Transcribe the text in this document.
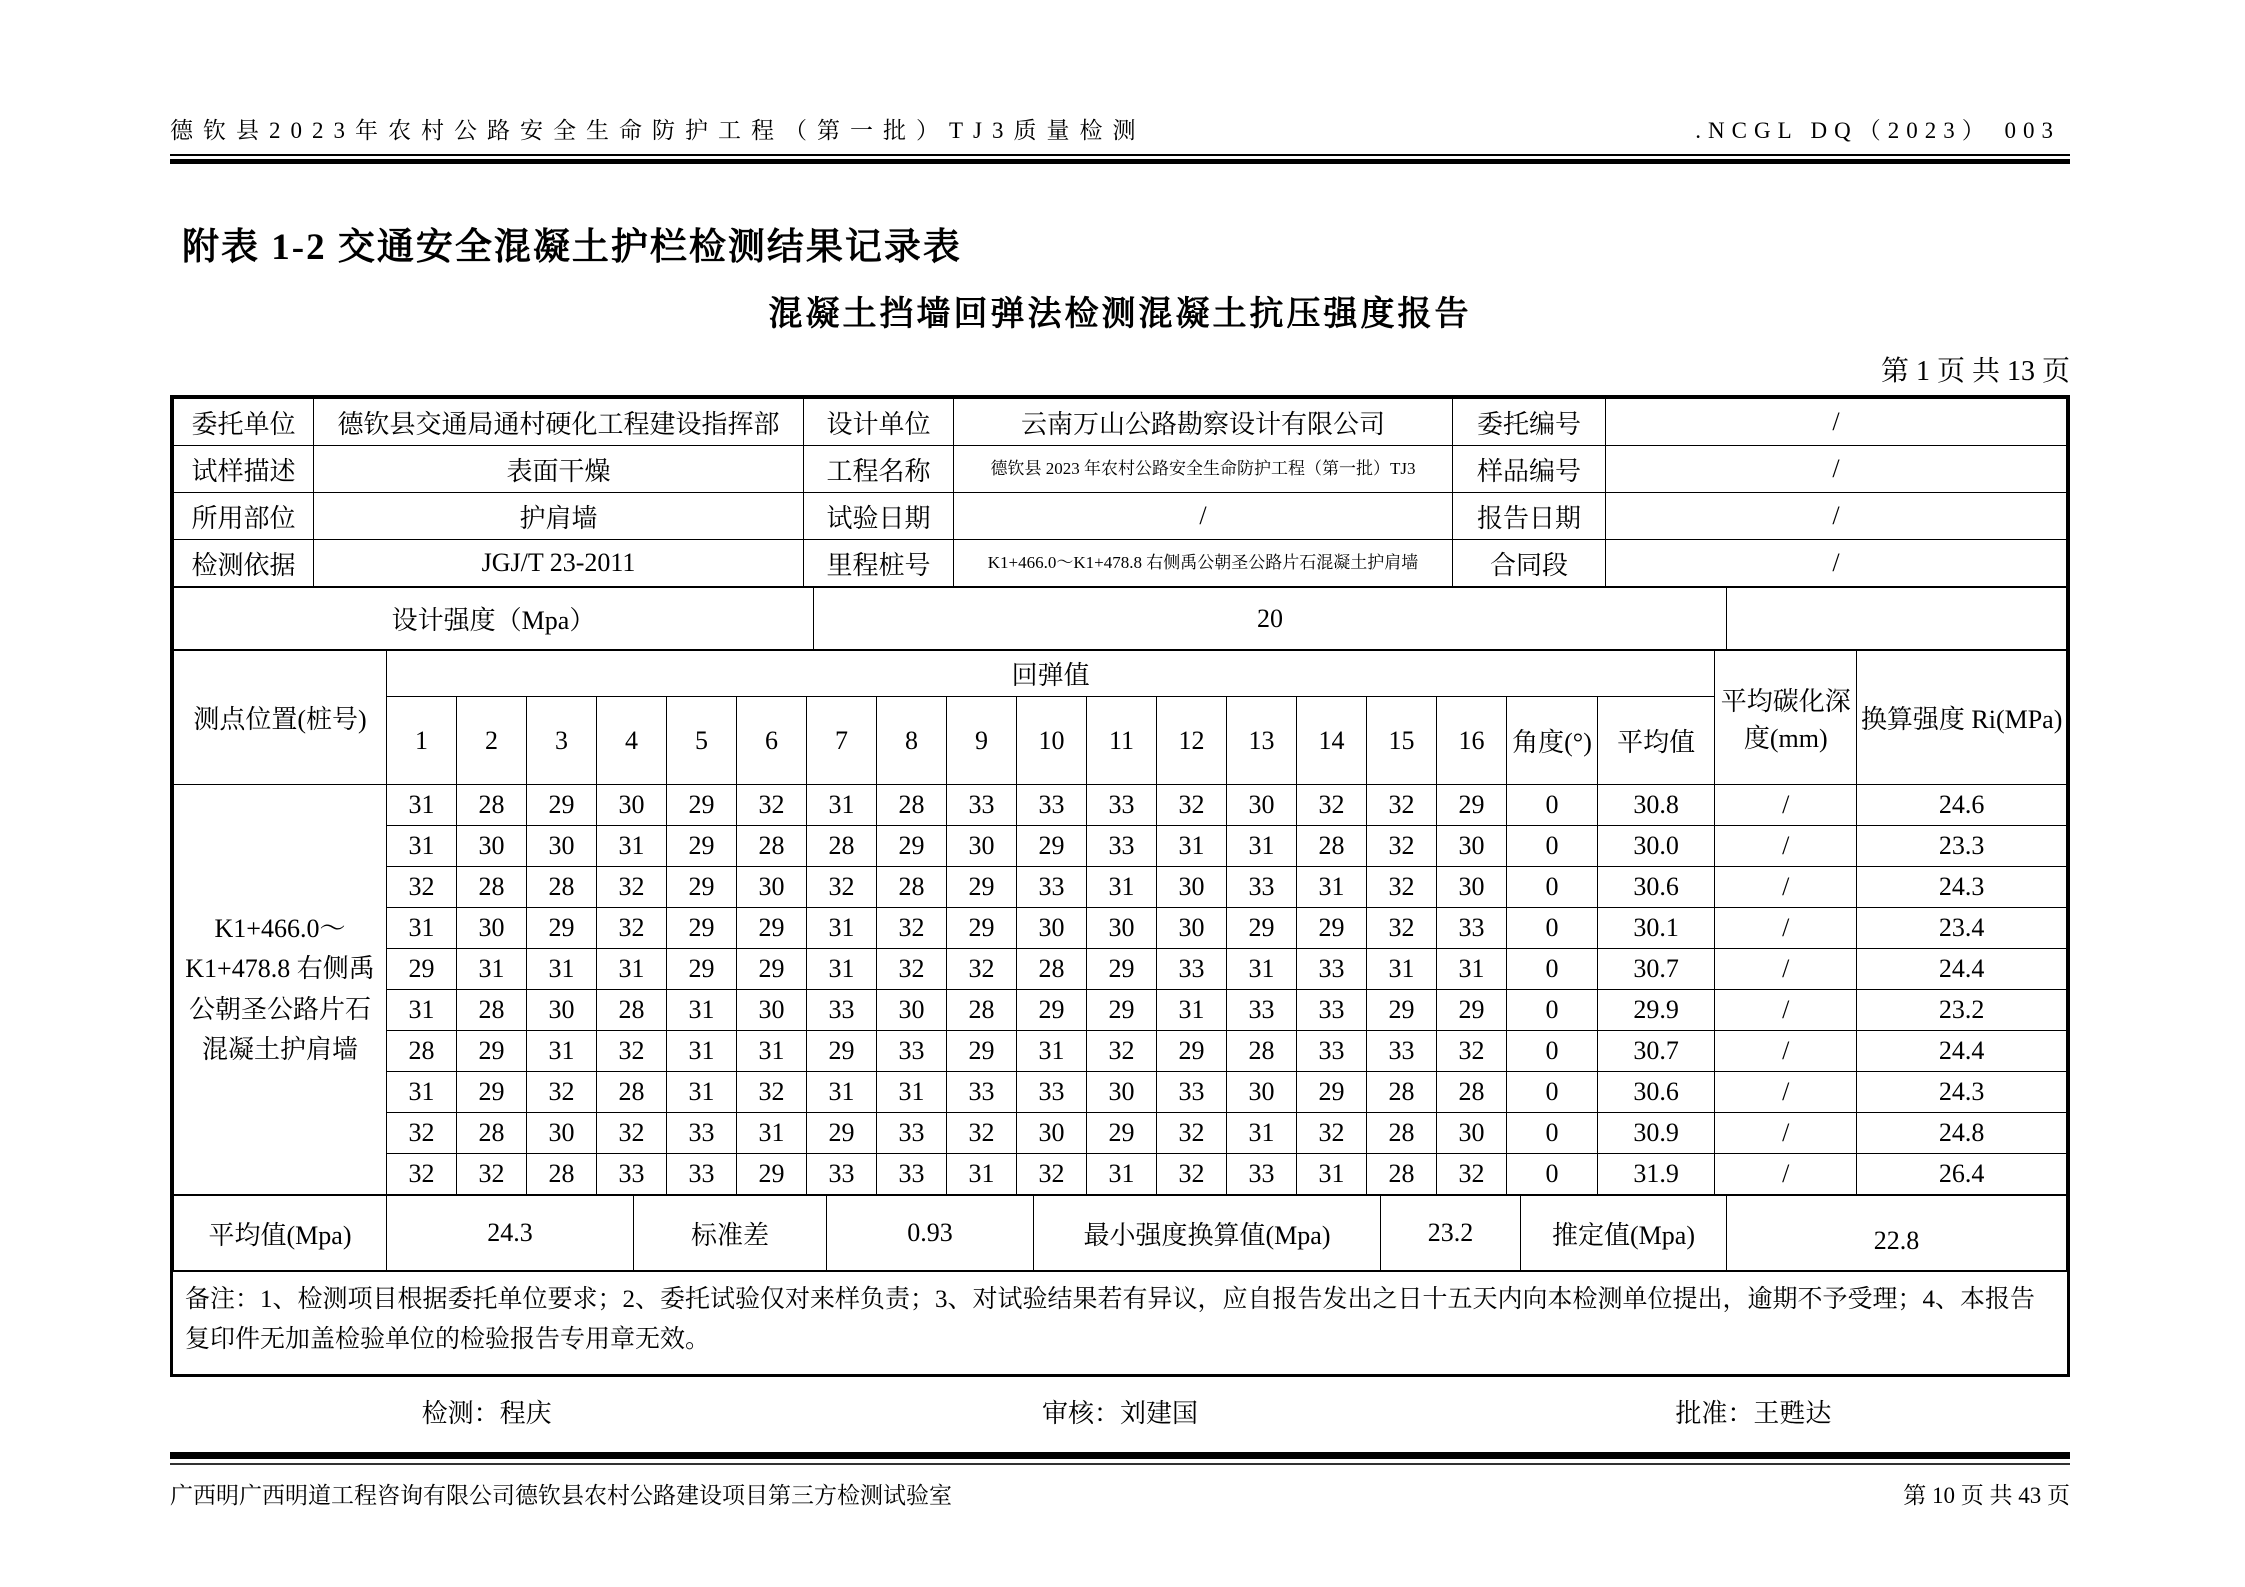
德钦县2023年农村公路安全生命防护工程（第一批）TJ3质量检测	.NCGL DQ（2023） 003
附表 1-2 交通安全混凝土护栏检测结果记录表
混凝土挡墙回弹法检测混凝土抗压强度报告
第 1 页 共 13 页
委托单位	德钦县交通局通村硬化工程建设指挥部	设计单位	云南万山公路勘察设计有限公司	委托编号	/
试样描述	表面干燥	工程名称	德钦县 2023 年农村公路安全生命防护工程（第一批）TJ3	样品编号	/
所用部位	护肩墙	试验日期	/	报告日期	/
检测依据	JGJ/T 23-2011	里程桩号	K1+466.0～K1+478.8 右侧禹公朝圣公路片石混凝土护肩墙	合同段	/
设计强度（Mpa）	20	
测点位置(桩号)	回弹值																		平均碳化深度(mm)	换算强度 Ri(MPa)
	1	2	3	4	5	6	7	8	9	10	11	12	13	14	15	16	角度(°)	平均值		
K1+466.0～K1+478.8 右侧禹公朝圣公路片石混凝土护肩墙	31	28	29	30	29	32	31	28	33	33	33	32	30	32	32	29	0	30.8	/	24.6
	31	30	30	31	29	28	28	29	30	29	33	31	31	28	32	30	0	30.0	/	23.3
	32	28	28	32	29	30	32	28	29	33	31	30	33	31	32	30	0	30.6	/	24.3
	31	30	29	32	29	29	31	32	29	30	30	30	29	29	32	33	0	30.1	/	23.4
	29	31	31	31	29	29	31	32	32	28	29	33	31	33	31	31	0	30.7	/	24.4
	31	28	30	28	31	30	33	30	28	29	29	31	33	33	29	29	0	29.9	/	23.2
	28	29	31	32	31	31	29	33	29	31	32	29	28	33	33	32	0	30.7	/	24.4
	31	29	32	28	31	32	31	31	33	33	30	33	30	29	28	28	0	30.6	/	24.3
	32	28	30	32	33	31	29	33	32	30	29	32	31	32	28	30	0	30.9	/	24.8
	32	32	28	33	33	29	33	33	31	32	31	32	33	31	28	32	0	31.9	/	26.4
平均值(Mpa)	24.3	标准差	0.93	最小强度换算值(Mpa)	23.2	推定值(Mpa)	22.8
备注：1、检测项目根据委托单位要求；2、委托试验仅对来样负责；3、对试验结果若有异议，应自报告发出之日十五天内向本检测单位提出，逾期不予受理；4、本报告复印件无加盖检验单位的检验报告专用章无效。
检测：程庆	审核：刘建国	批准：王甦达
广西明广西明道工程咨询有限公司德钦县农村公路建设项目第三方检测试验室	第 10 页 共 43 页
